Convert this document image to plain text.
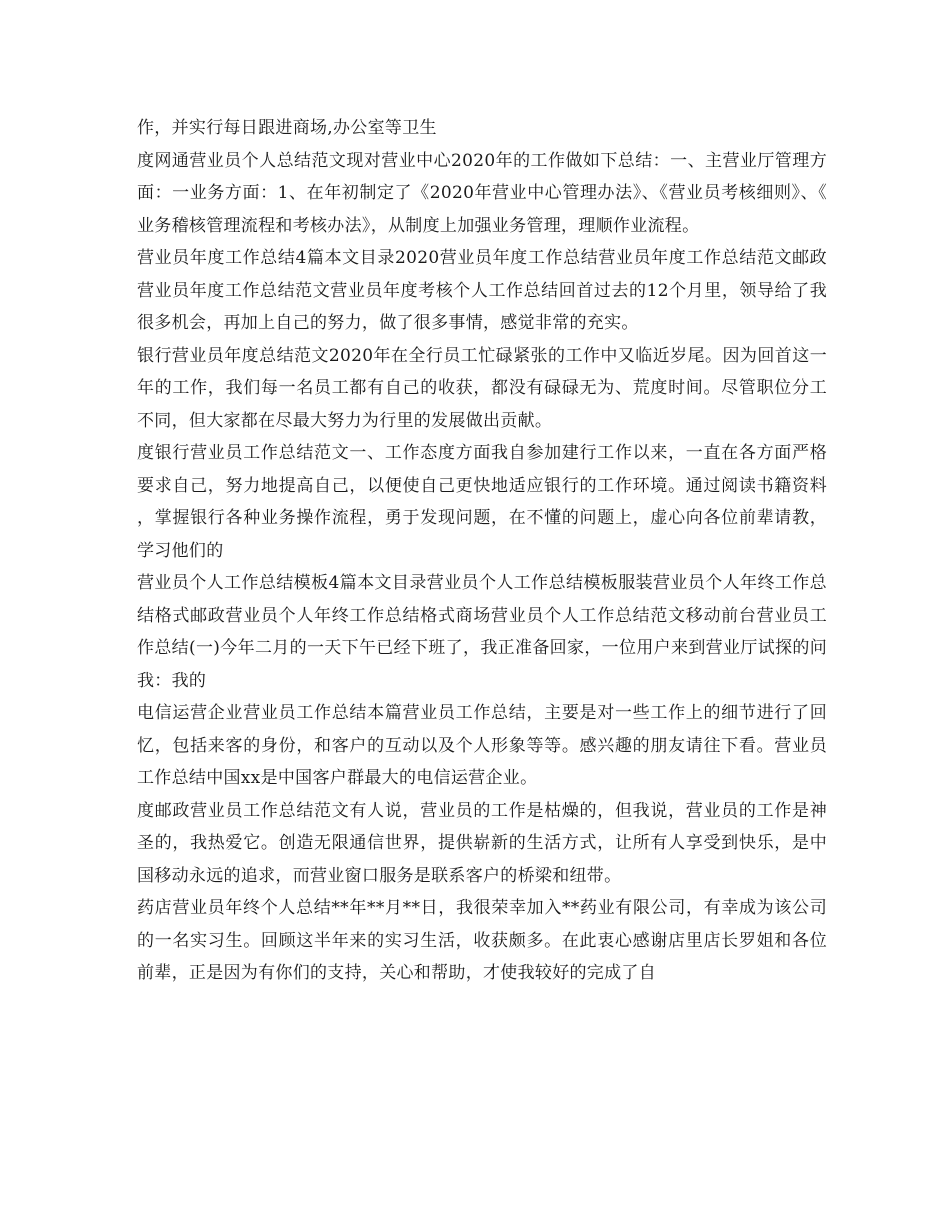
作，并实行每日跟进商场,办公室等卫生

度网通营业员个人总结范文现对营业中心2020年的工作做如下总结：一、主营业厅管理方面：一业务方面：1、在年初制定了《2020年营业中心管理办法》、《营业员考核细则》、《业务稽核管理流程和考核办法》，从制度上加强业务管理，理顺作业流程。

营业员年度工作总结4篇本文目录2020营业员年度工作总结营业员年度工作总结范文邮政营业员年度工作总结范文营业员年度考核个人工作总结回首过去的12个月里，领导给了我很多机会，再加上自己的努力，做了很多事情，感觉非常的充实。

银行营业员年度总结范文2020年在全行员工忙碌紧张的工作中又临近岁尾。因为回首这一年的工作，我们每一名员工都有自己的收获，都没有碌碌无为、荒度时间。尽管职位分工不同，但大家都在尽最大努力为行里的发展做出贡献。

度银行营业员工作总结范文一、工作态度方面我自参加建行工作以来，一直在各方面严格要求自己，努力地提高自己，以便使自己更快地适应银行的工作环境。通过阅读书籍资料，掌握银行各种业务操作流程，勇于发现问题，在不懂的问题上，虚心向各位前辈请教，学习他们的

营业员个人工作总结模板4篇本文目录营业员个人工作总结模板服装营业员个人年终工作总结格式邮政营业员个人年终工作总结格式商场营业员个人工作总结范文移动前台营业员工作总结(一)今年二月的一天下午已经下班了，我正准备回家，一位用户来到营业厅试探的问我：我的

电信运营企业营业员工作总结本篇营业员工作总结，主要是对一些工作上的细节进行了回忆，包括来客的身份，和客户的互动以及个人形象等等。感兴趣的朋友请往下看。营业员工作总结中国xx是中国客户群最大的电信运营企业。

度邮政营业员工作总结范文有人说，营业员的工作是枯燥的，但我说，营业员的工作是神圣的，我热爱它。创造无限通信世界，提供崭新的生活方式，让所有人享受到快乐，是中国移动永远的追求，而营业窗口服务是联系客户的桥梁和纽带。

药店营业员年终个人总结**年**月**日，我很荣幸加入**药业有限公司，有幸成为该公司的一名实习生。回顾这半年来的实习生活，收获颇多。在此衷心感谢店里店长罗姐和各位前辈，正是因为有你们的支持，关心和帮助，才使我较好的完成了自
